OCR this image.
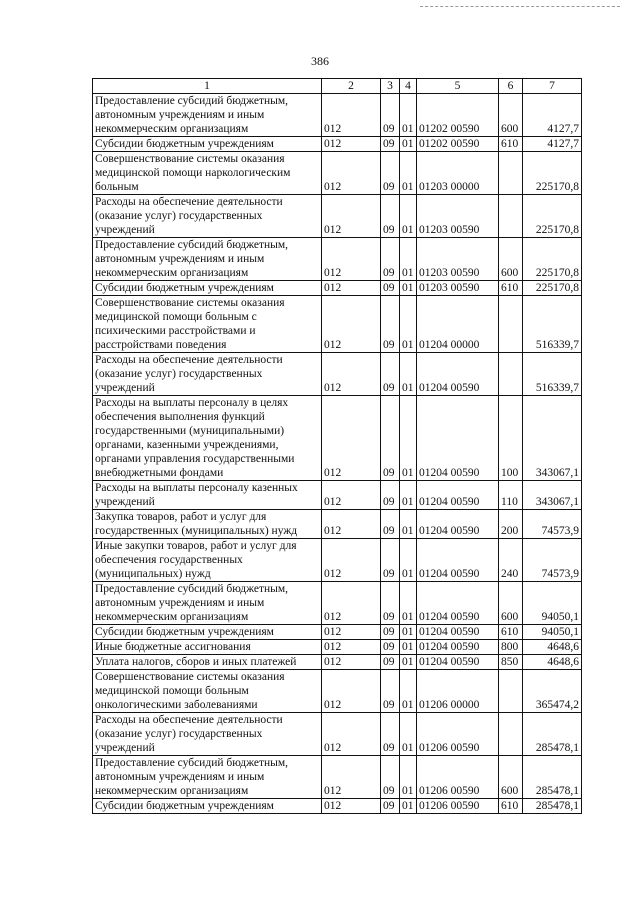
386
1	2	3	4	5	6	7
Предоставление субсидий бюджетным, автономным учреждениям и иным некоммерческим организациям	012	09	01	01202 00590	600	4127,7
Субсидии бюджетным учреждениям	012	09	01	01202 00590	610	4127,7
Совершенствование системы оказания медицинской помощи наркологическим больным	012	09	01	01203 00000		225170,8
Расходы на обеспечение деятельности (оказание услуг) государственных учреждений	012	09	01	01203 00590		225170,8
Предоставление субсидий бюджетным, автономным учреждениям и иным некоммерческим организациям	012	09	01	01203 00590	600	225170,8
Субсидии бюджетным учреждениям	012	09	01	01203 00590	610	225170,8
Совершенствование системы оказания медицинской помощи больным с психическими расстройствами и расстройствами поведения	012	09	01	01204 00000		516339,7
Расходы на обеспечение деятельности (оказание услуг) государственных учреждений	012	09	01	01204 00590		516339,7
Расходы на выплаты персоналу в целях обеспечения выполнения функций государственными (муниципальными) органами, казенными учреждениями, органами управления государственными внебюджетными фондами	012	09	01	01204 00590	100	343067,1
Расходы на выплаты персоналу казенных учреждений	012	09	01	01204 00590	110	343067,1
Закупка товаров, работ и услуг для государственных (муниципальных) нужд	012	09	01	01204 00590	200	74573,9
Иные закупки товаров, работ и услуг для обеспечения государственных (муниципальных) нужд	012	09	01	01204 00590	240	74573,9
Предоставление субсидий бюджетным, автономным учреждениям и иным некоммерческим организациям	012	09	01	01204 00590	600	94050,1
Субсидии бюджетным учреждениям	012	09	01	01204 00590	610	94050,1
Иные бюджетные ассигнования	012	09	01	01204 00590	800	4648,6
Уплата налогов, сборов и иных платежей	012	09	01	01204 00590	850	4648,6
Совершенствование системы оказания медицинской помощи больным онкологическими заболеваниями	012	09	01	01206 00000		365474,2
Расходы на обеспечение деятельности (оказание услуг) государственных учреждений	012	09	01	01206 00590		285478,1
Предоставление субсидий бюджетным, автономным учреждениям и иным некоммерческим организациям	012	09	01	01206 00590	600	285478,1
Субсидии бюджетным учреждениям	012	09	01	01206 00590	610	285478,1
